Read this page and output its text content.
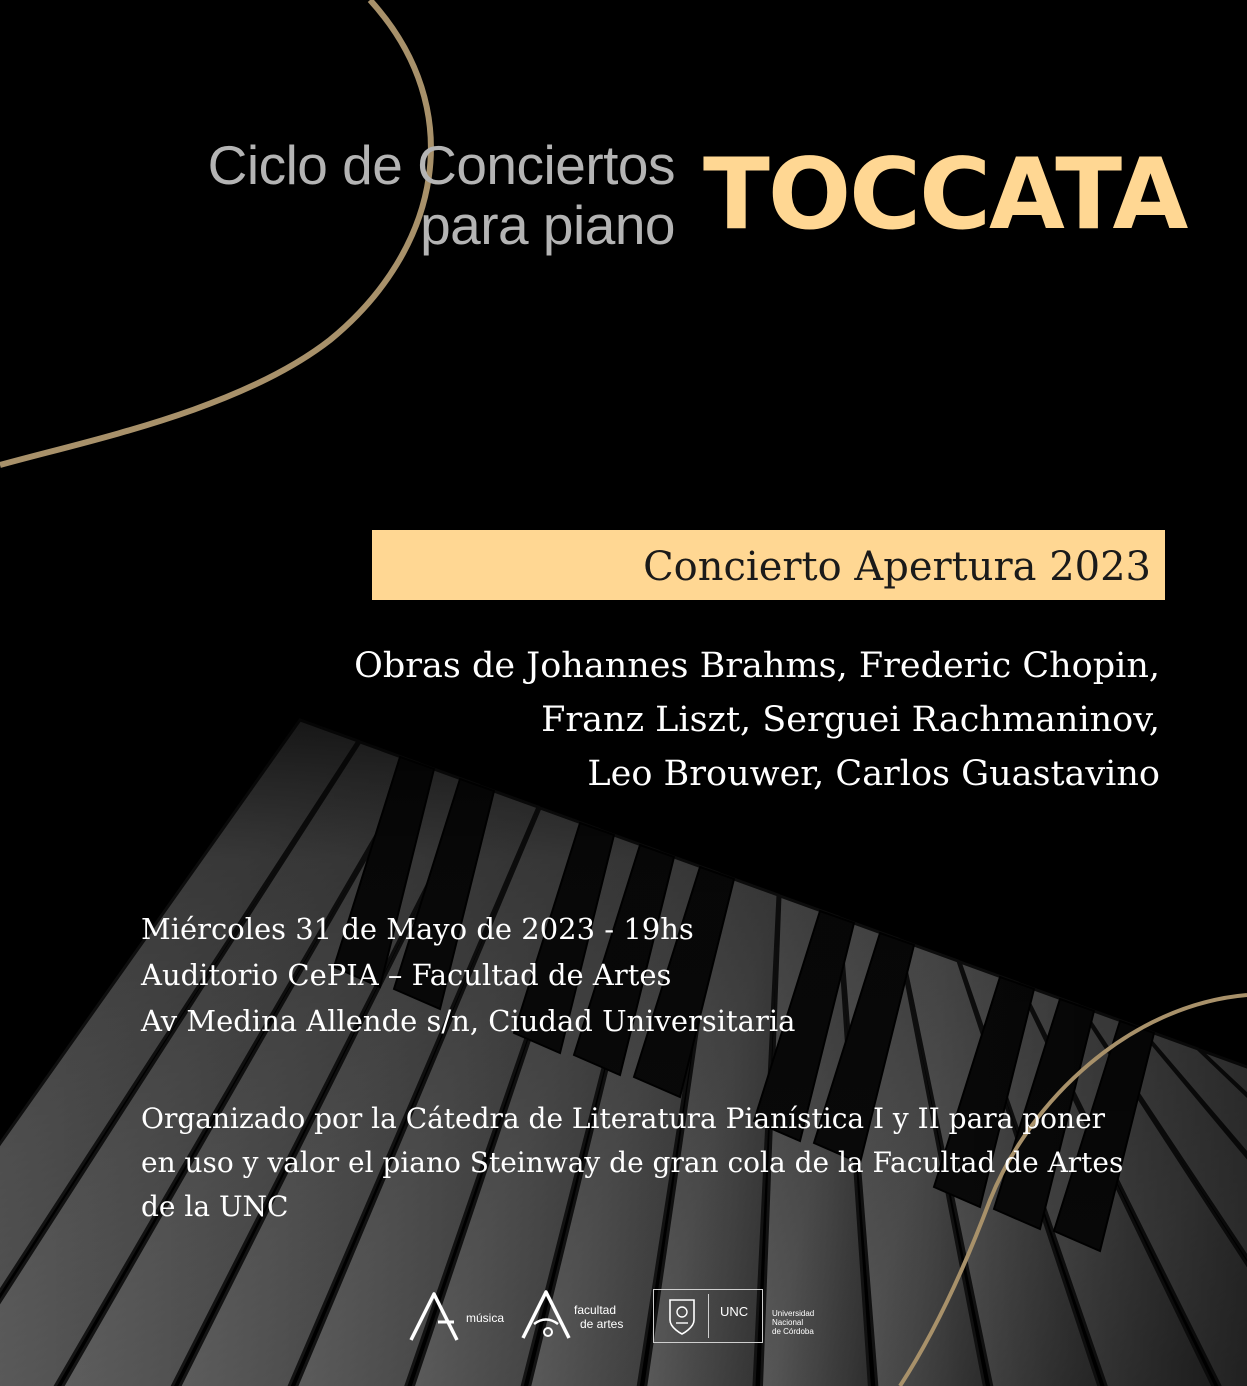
Ciclo de Conciertos
para piano TOCCATA
Concierto Apertura 2023
Obras de Johannes Brahms, Frederic Chopin,
Franz Liszt, Serguei Rachmaninov,
Leo Brouwer, Carlos Guastavino
Miércoles 31 de Mayo de 2023 - 19hs
Auditorio CePIA – Facultad de Artes
Av Medina Allende s/n, Ciudad Universitaria
Organizado por la Cátedra de Literatura Pianística I y II para poner
en uso y valor el piano Steinway de gran cola de la Facultad de Artes
de la UNC
música
facultad
de artes
UNC	Universidad
Nacional
de Córdoba
